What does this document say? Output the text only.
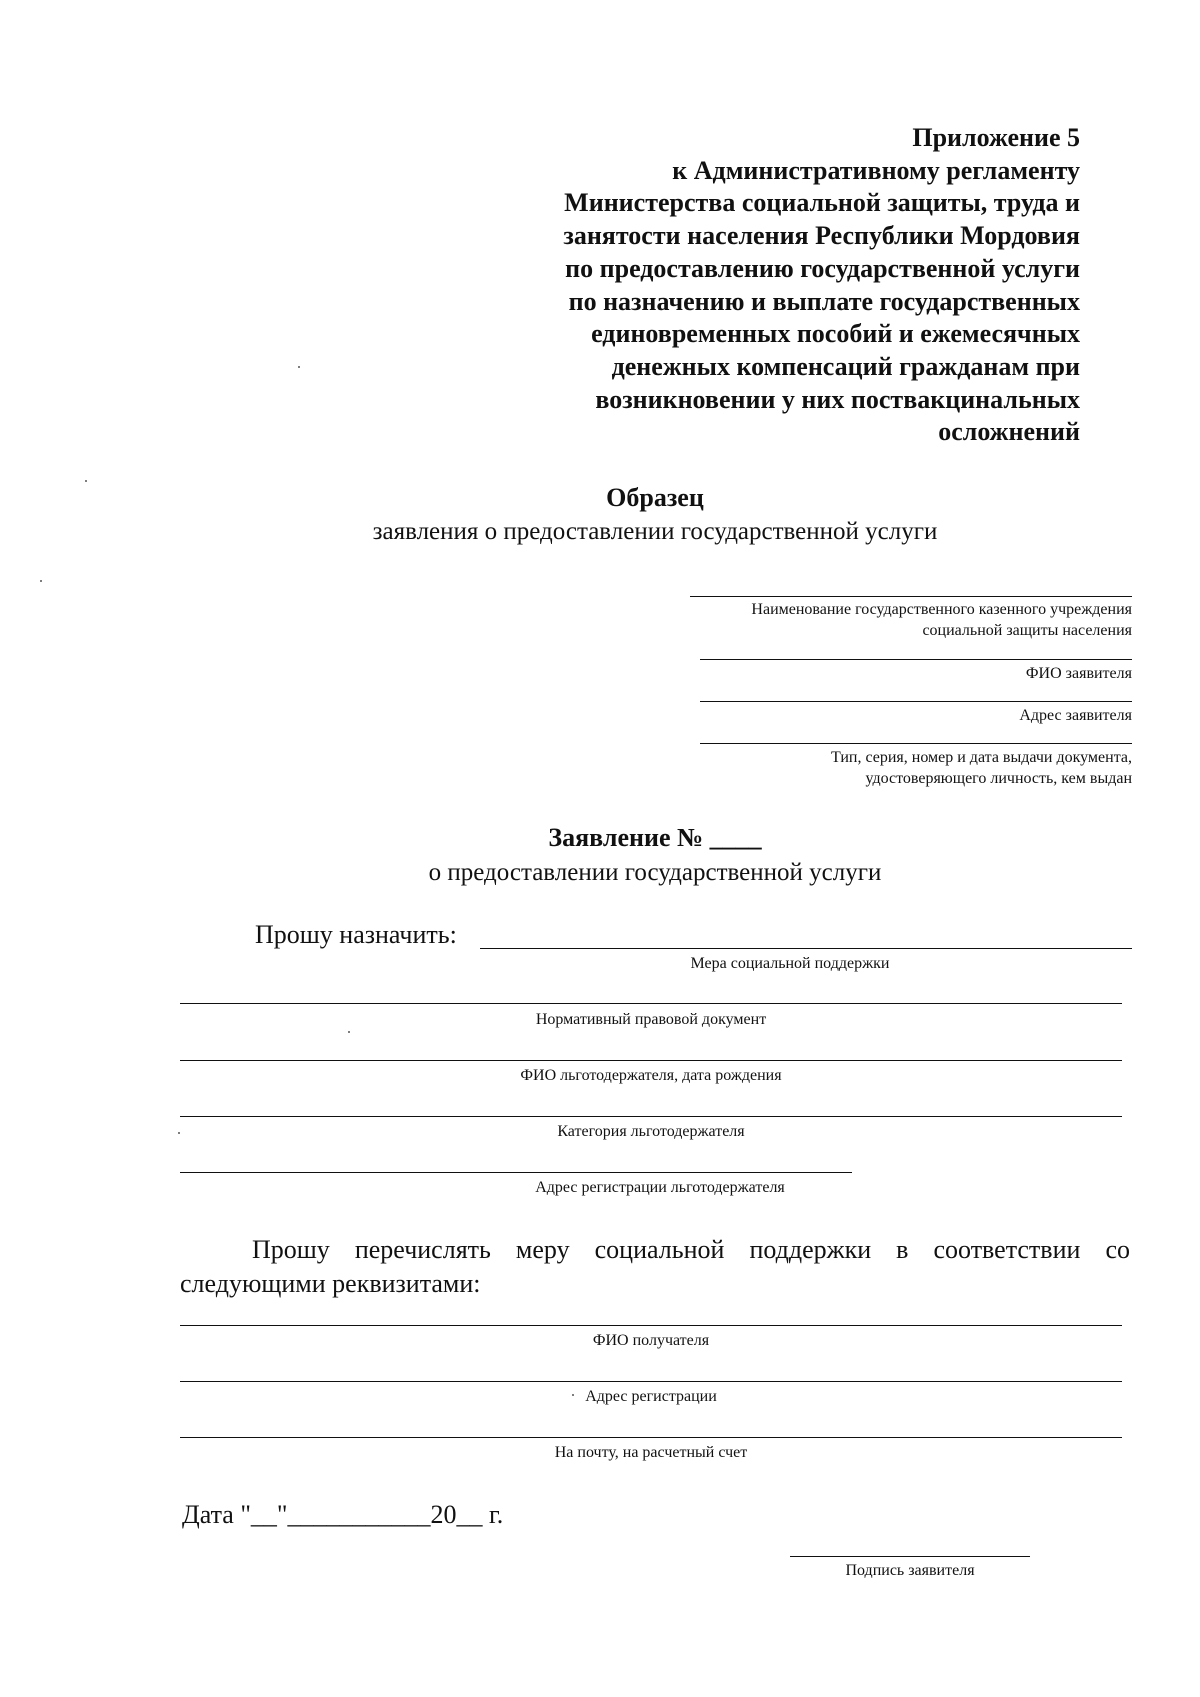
Приложение 5
к Административному регламенту
Министерства социальной защиты, труда и
занятости населения Республики Мордовия
по предоставлению государственной услуги
по назначению и выплате государственных
единовременных пособий и ежемесячных
денежных компенсаций гражданам при
возникновении у них поствакцинальных
осложнений
Образец
заявления о предоставлении государственной услуги
Наименование государственного казенного учреждения
социальной защиты населения
ФИО заявителя
Адрес заявителя
Тип, серия, номер и дата выдачи документа,
удостоверяющего личность, кем выдан
Заявление № ____
о предоставлении государственной услуги
Прошу назначить:
Мера социальной поддержки
Нормативный правовой документ
ФИО льготодержателя, дата рождения
Категория льготодержателя
Адрес регистрации льготодержателя
Прошу перечислять меру социальной поддержки в соответствии со следующими реквизитами:
ФИО получателя
Адрес регистрации
На почту, на расчетный счет
Дата "__"___________20__ г.
Подпись заявителя
